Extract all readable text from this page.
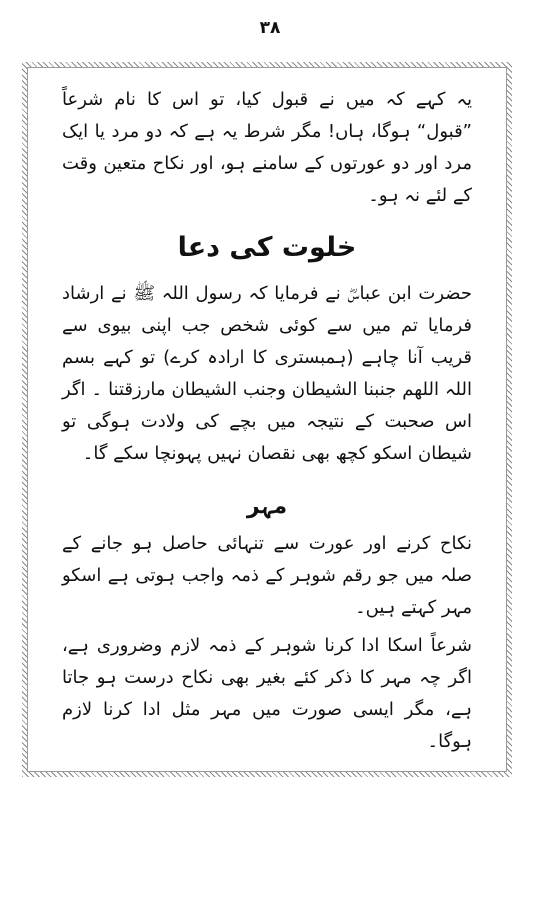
۳۸

یہ کہے کہ میں نے قبول کیا، تو اس کا نام شرعاً ”قبول“ ہوگا، ہاں! مگر شرط یہ ہے کہ دو مرد یا ایک مرد اور دو عورتوں کے سامنے ہو، اور نکاح متعین وقت کے لئے نہ ہو۔

خلوت کی دعا

حضرت ابن عباسؓ نے فرمایا کہ رسول اللہ ﷺ نے ارشاد فرمایا تم میں سے کوئی شخص جب اپنی بیوی سے قریب آنا چاہے (ہمبستری کا ارادہ کرے) تو کہے بسم اللہ اللھم جنبنا الشیطان وجنب الشیطان مارزقتنا ۔ اگر اس صحبت کے نتیجہ میں بچے کی ولادت ہوگی تو شیطان اسکو کچھ بھی نقصان نہیں پہونچا سکے گا۔

مہر

نکاح کرنے اور عورت سے تنہائی حاصل ہو جانے کے صلہ میں جو رقم شوہر کے ذمہ واجب ہوتی ہے اسکو مہر کہتے ہیں۔

شرعاً اسکا ادا کرنا شوہر کے ذمہ لازم وضروری ہے، اگر چہ مہر کا ذکر کئے بغیر بھی نکاح درست ہو جاتا ہے، مگر ایسی صورت میں مہر مثل ادا کرنا لازم ہوگا۔
